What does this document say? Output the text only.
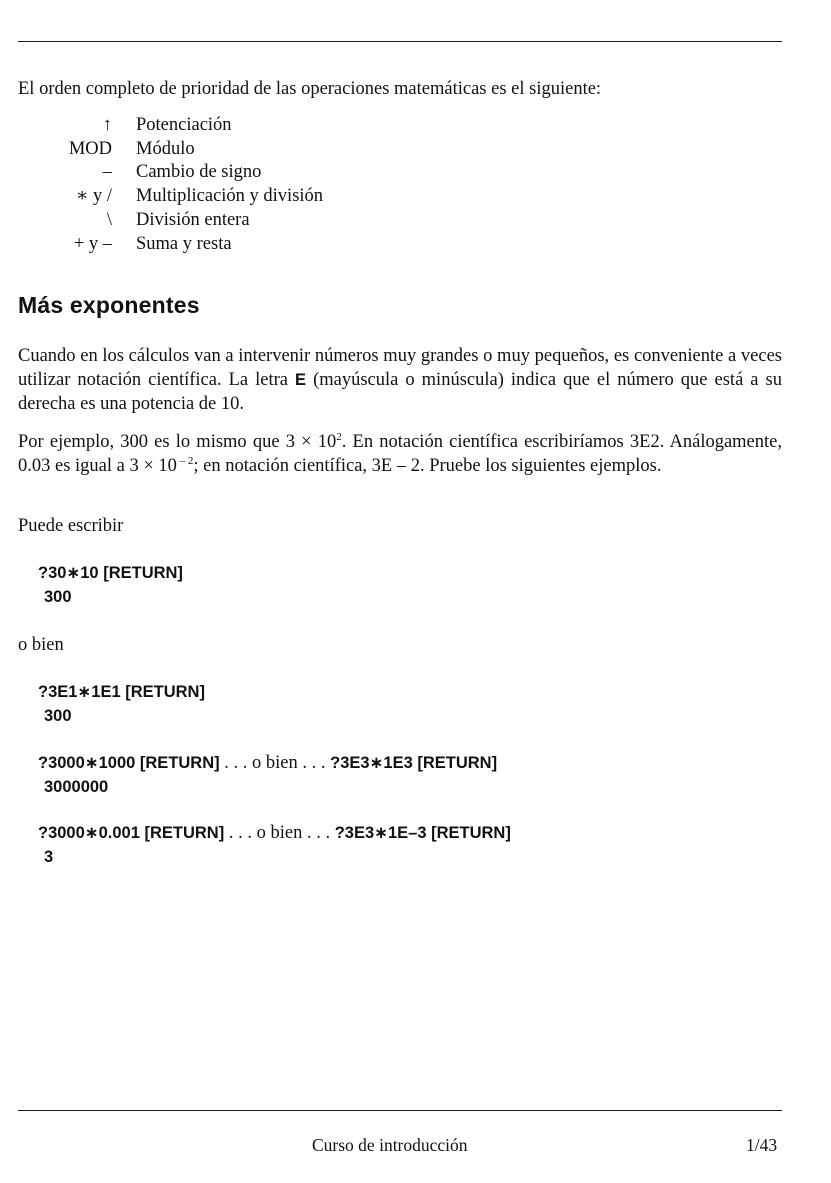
El orden completo de prioridad de las operaciones matemáticas es el siguiente:
↑ Potenciación
MOD Módulo
– Cambio de signo
∗ y / Multiplicación y división
\ División entera
+ y – Suma y resta
Más exponentes
Cuando en los cálculos van a intervenir números muy grandes o muy pequeños, es conveniente a veces utilizar notación científica. La letra E (mayúscula o minúscula) indica que el número que está a su derecha es una potencia de 10.
Por ejemplo, 300 es lo mismo que $3 \times 10^2$. En notación científica escribiríamos 3E2. Análogamente, 0.03 es igual a 3 × 10 $^{- 2}$; en notación científica, 3E – 2. Pruebe los siguientes ejemplos.
Puede escribir
?30∗10 [RETURN]
300
o bien
?3E1∗1E1 [RETURN]
300
?3000∗1000 [RETURN] . . . o bien . . . ?3E3∗1E3 [RETURN]
3000000
?3000∗0.001 [RETURN] . . . o bien . . . ?3E3∗1E–3 [RETURN]
3
Curso de introducción	1/43
